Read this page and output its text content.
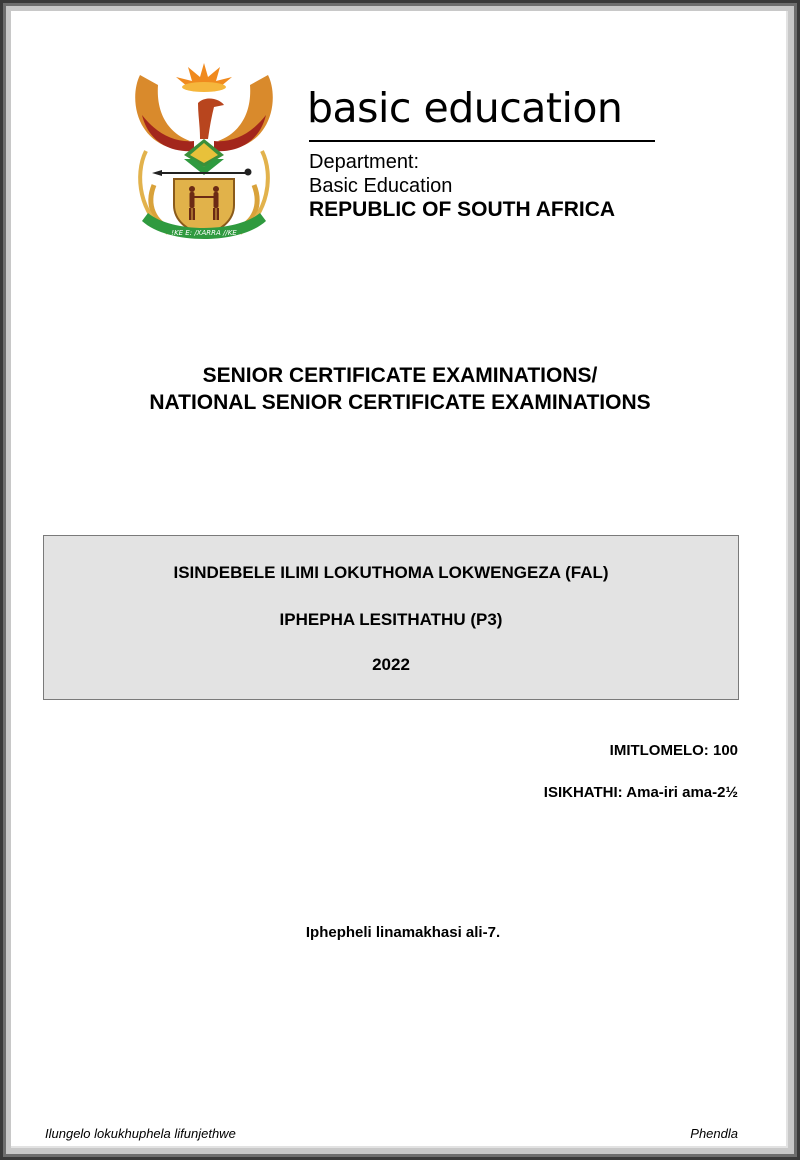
!KE E: /XARRA //KE
basic education
Department:
Basic Education
REPUBLIC OF SOUTH AFRICA
SENIOR CERTIFICATE EXAMINATIONS/
NATIONAL SENIOR CERTIFICATE EXAMINATIONS
ISINDEBELE ILIMI LOKUTHOMA LOKWENGEZA (FAL)
IPHEPHA LESITHATHU (P3)
2022
IMITLOMELO: 100
ISIKHATHI: Ama-iri ama-2½
Iphepheli linamakhasi ali-7.
Ilungelo lokukhuphela lifunjethwe	Phendla
